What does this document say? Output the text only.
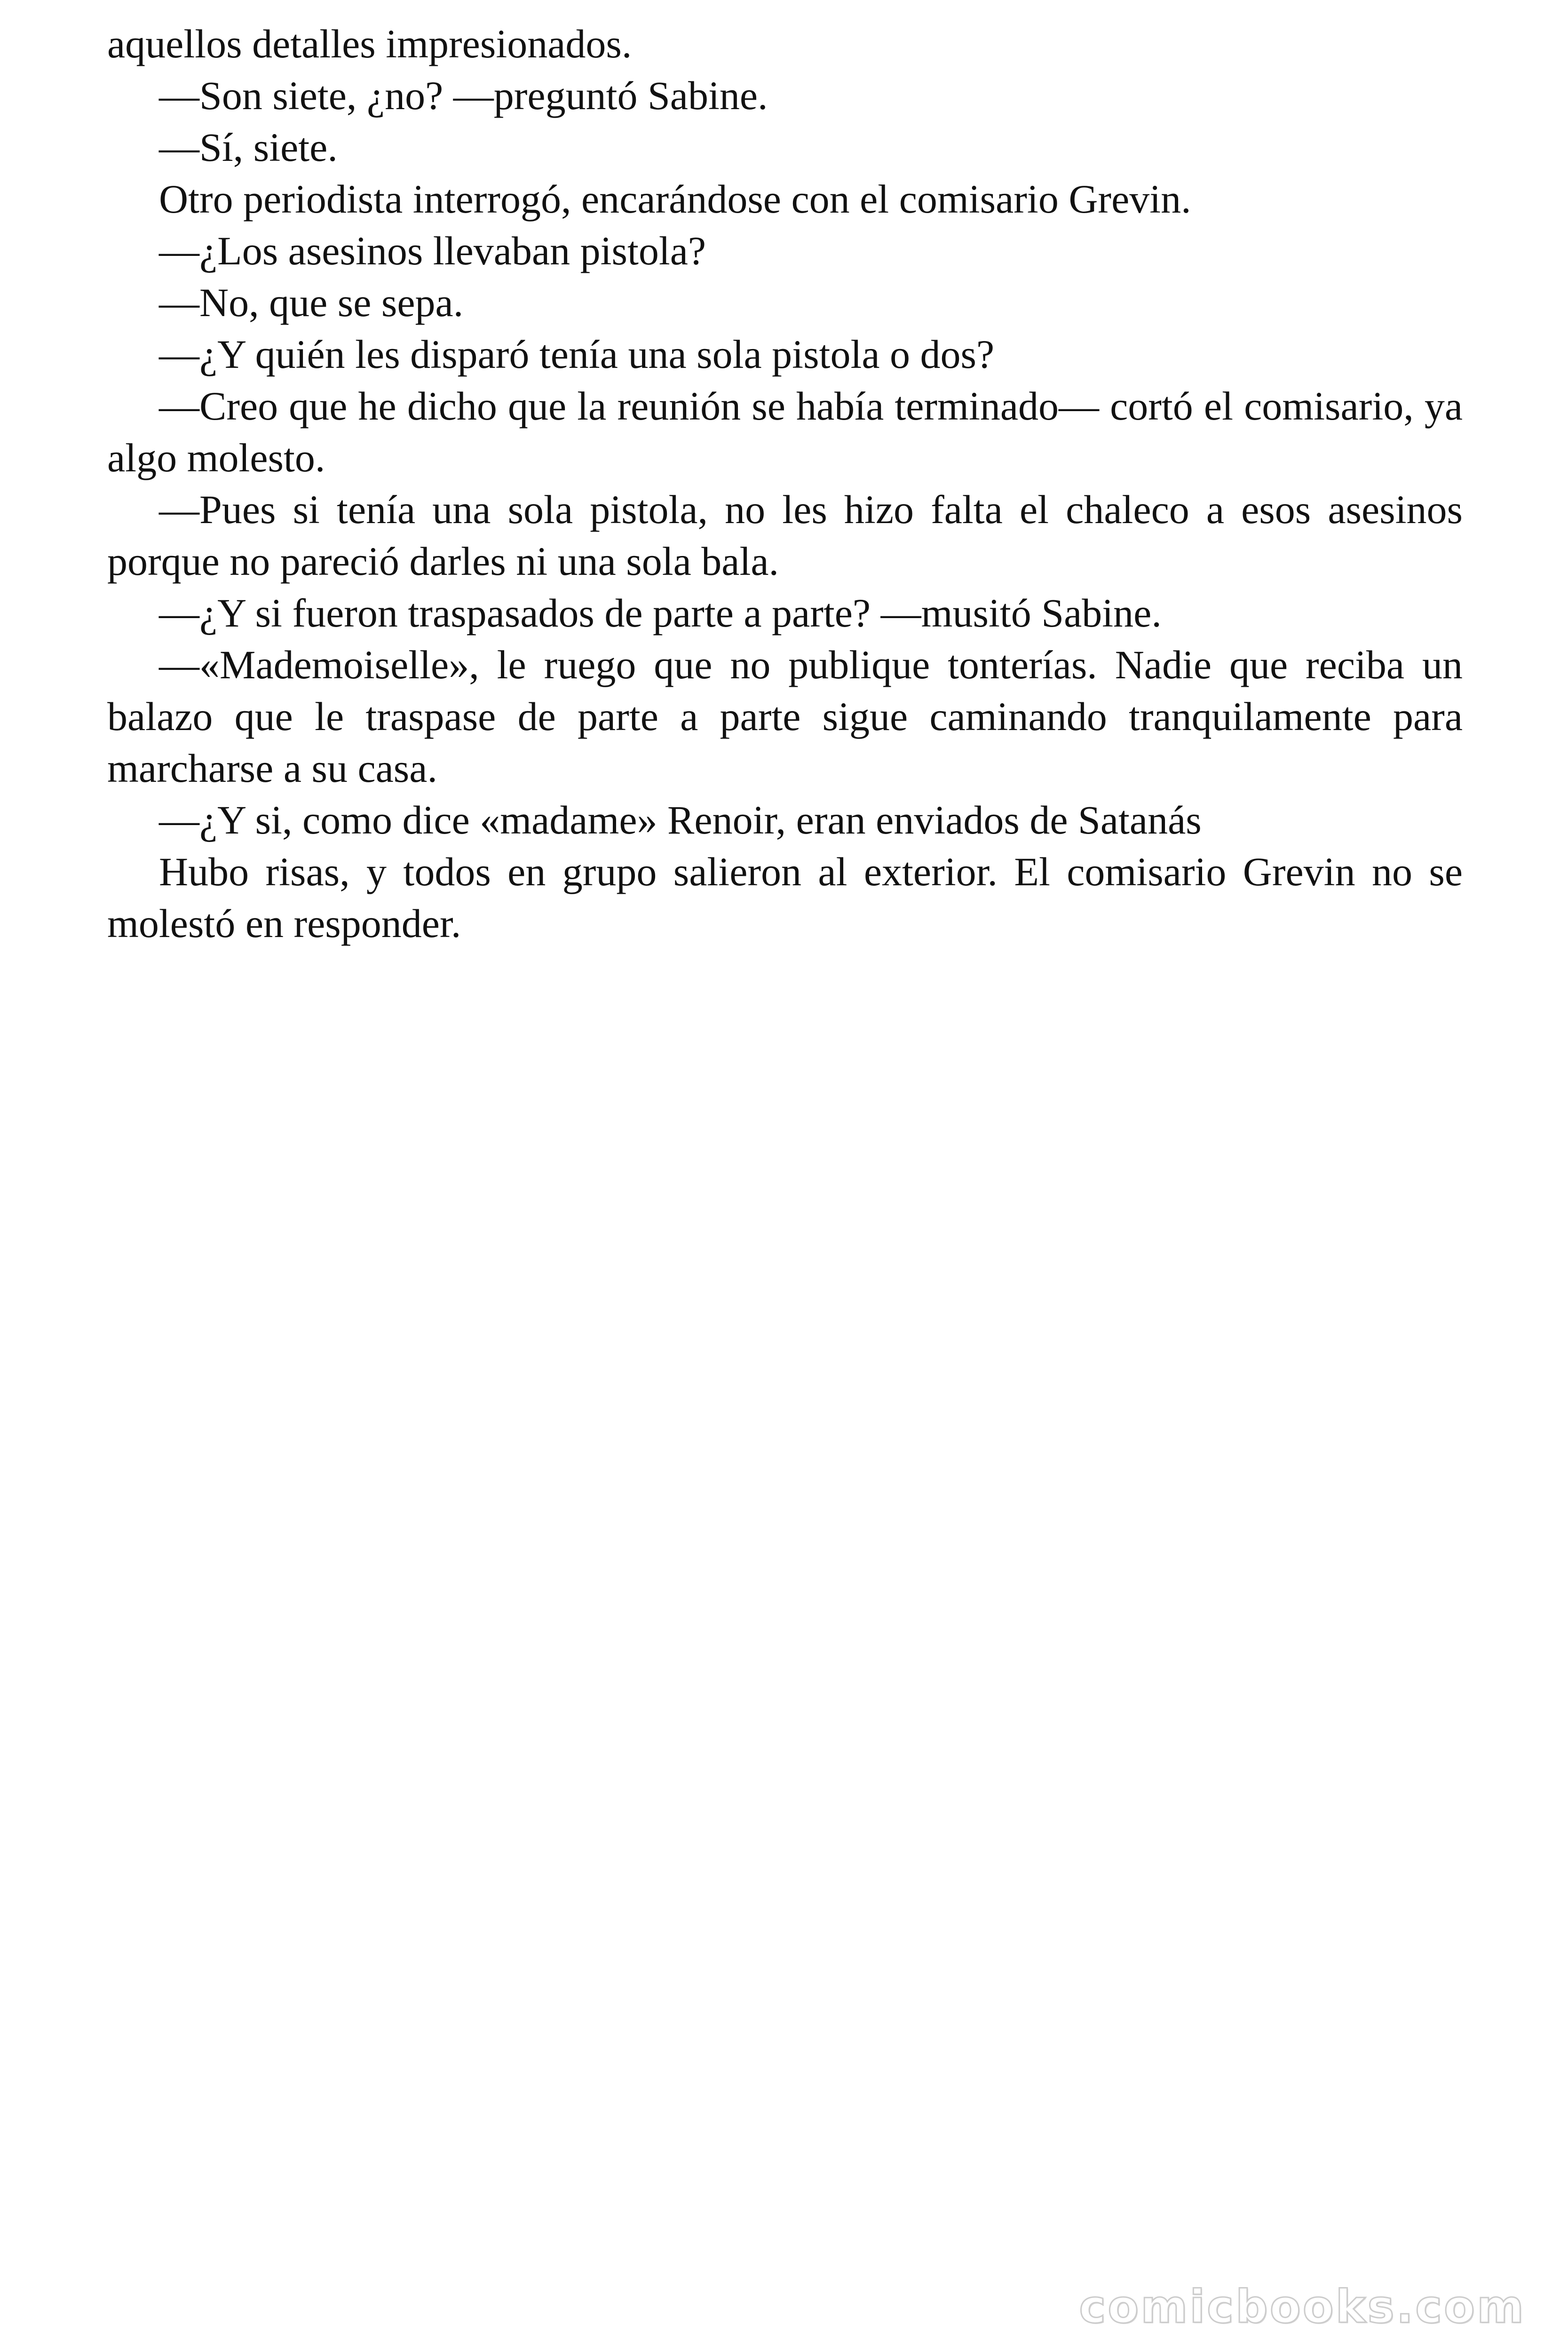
aquellos detalles impresionados.

—Son siete, ¿no? —preguntó Sabine.

—Sí, siete.

Otro periodista interrogó, encarándose con el comisario Grevin.

—¿Los asesinos llevaban pistola?

—No, que se sepa.

—¿Y quién les disparó tenía una sola pistola o dos?

—Creo que he dicho que la reunión se había terminado— cortó el comisario, ya algo molesto.

—Pues si tenía una sola pistola, no les hizo falta el chaleco a esos asesinos porque no pareció darles ni una sola bala.

—¿Y si fueron traspasados de parte a parte? —musitó Sabine.

—«Mademoiselle», le ruego que no publique tonterías. Nadie que reciba un balazo que le traspase de parte a parte sigue caminando tranquilamente para marcharse a su casa.

—¿Y si, como dice «madame» Renoir, eran enviados de Satanás

Hubo risas, y todos en grupo salieron al exterior. El comisario Grevin no se molestó en responder.

comicbooks.com
